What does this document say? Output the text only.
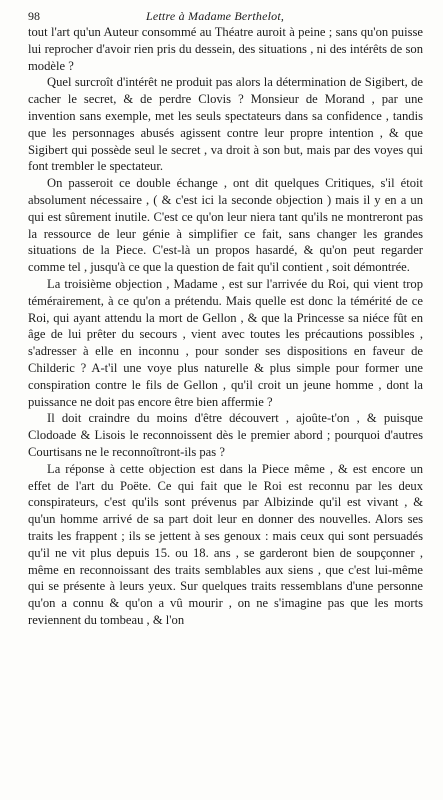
98	Lettre à Madame Berthelot,

tout l'art qu'un Auteur consommé au Théatre auroit à peine ; sans qu'on puisse lui reprocher d'avoir rien pris du dessein, des situations , ni des intérêts de son modèle ?

Quel surcroît d'intérêt ne produit pas alors la détermination de Sigibert, de cacher le secret, & de perdre Clovis ? Monsieur de Morand , par une invention sans exemple, met les seuls spectateurs dans sa confidence , tandis que les personnages abusés agissent contre leur propre intention , & que Sigibert qui possède seul le secret , va droit à son but, mais par des voyes qui font trembler le spectateur.

On passeroit ce double échange , ont dit quelques Critiques, s'il étoit absolument nécessaire , ( & c'est ici la seconde objection ) mais il y en a un qui est sûrement inutile. C'est ce qu'on leur niera tant qu'ils ne montreront pas la ressource de leur génie à simplifier ce fait, sans changer les grandes situations de la Piece. C'est-là un propos hasardé, & qu'on peut regarder comme tel , jusqu'à ce que la question de fait qu'il contient , soit démontrée.

La troisième objection , Madame , est sur l'arrivée du Roi, qui vient trop témérairement, à ce qu'on a prétendu. Mais quelle est donc la témérité de ce Roi, qui ayant attendu la mort de Gellon , & que la Princesse sa niéce fût en âge de lui prêter du secours , vient avec toutes les précautions possibles , s'adresser à elle en inconnu , pour sonder ses dispositions en faveur de Childeric ? A-t'il une voye plus naturelle & plus simple pour former une conspiration contre le fils de Gellon , qu'il croit un jeune homme , dont la puissance ne doit pas encore être bien affermie ?

Il doit craindre du moins d'être découvert , ajoûte-t'on , & puisque Clodoade & Lisois le reconnoissent dès le premier abord ; pourquoi d'autres Courtisans ne le reconnoîtront-ils pas ?

La réponse à cette objection est dans la Piece même , & est encore un effet de l'art du Poëte. Ce qui fait que le Roi est reconnu par les deux conspirateurs, c'est qu'ils sont prévenus par Albizinde qu'il est vivant , & qu'un homme arrivé de sa part doit leur en donner des nouvelles. Alors ses traits les frappent ; ils se jettent à ses genoux : mais ceux qui sont persuadés qu'il ne vit plus depuis 15. ou 18. ans , se garderont bien de soupçonner , même en reconnoissant des traits semblables aux siens , que c'est lui-même qui se présente à leurs yeux. Sur quelques traits ressemblans d'une personne qu'on a connu & qu'on a vû mourir , on ne s'imagine pas que les morts reviennent du tombeau , & l'on
